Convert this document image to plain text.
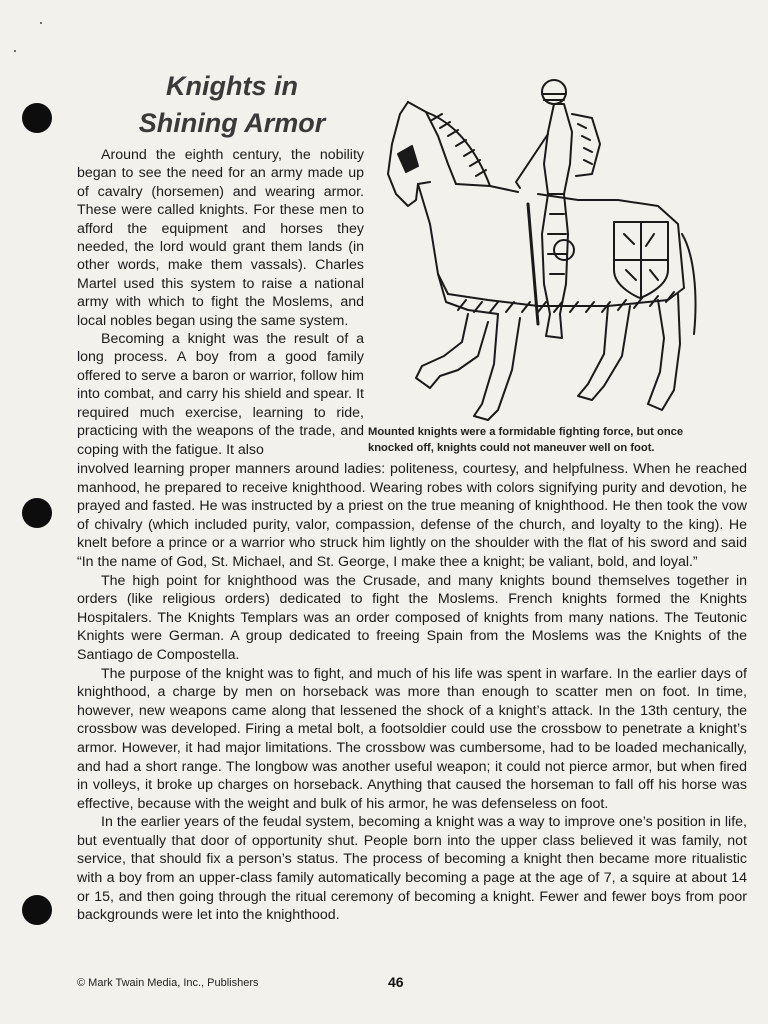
Knights in
Shining Armor

Around the eighth century, the nobility began to see the need for an army made up of cavalry (horsemen) and wearing armor. These were called knights. For these men to afford the equipment and horses they needed, the lord would grant them lands (in other words, make them vassals). Charles Martel used this system to raise a national army with which to fight the Moslems, and local nobles began using the same system.

Becoming a knight was the result of a long process. A boy from a good family offered to serve a baron or warrior, follow him into combat, and carry his shield and spear. It required much exercise, learning to ride, practicing with the weapons of the trade, and coping with the fatigue. It also

Mounted knights were a formidable fighting force, but once knocked off, knights could not maneuver well on foot.

involved learning proper manners around ladies: politeness, courtesy, and helpfulness. When he reached manhood, he prepared to receive knighthood. Wearing robes with colors signifying purity and devotion, he prayed and fasted. He was instructed by a priest on the true meaning of knighthood. He then took the vow of chivalry (which included purity, valor, compassion, defense of the church, and loyalty to the king). He knelt before a prince or a warrior who struck him lightly on the shoulder with the flat of his sword and said “In the name of God, St. Michael, and St. George, I make thee a knight; be valiant, bold, and loyal.”

The high point for knighthood was the Crusade, and many knights bound themselves together in orders (like religious orders) dedicated to fight the Moslems. French knights formed the Knights Hospitalers. The Knights Templars was an order composed of knights from many nations. The Teutonic Knights were German. A group dedicated to freeing Spain from the Moslems was the Knights of the Santiago de Compostella.

The purpose of the knight was to fight, and much of his life was spent in warfare. In the earlier days of knighthood, a charge by men on horseback was more than enough to scatter men on foot. In time, however, new weapons came along that lessened the shock of a knight’s attack. In the 13th century, the crossbow was developed. Firing a metal bolt, a footsoldier could use the crossbow to penetrate a knight’s armor. However, it had major limitations. The crossbow was cumbersome, had to be loaded mechanically, and had a short range. The longbow was another useful weapon; it could not pierce armor, but when fired in volleys, it broke up charges on horseback. Anything that caused the horseman to fall off his horse was effective, because with the weight and bulk of his armor, he was defenseless on foot.

In the earlier years of the feudal system, becoming a knight was a way to improve one’s position in life, but eventually that door of opportunity shut. People born into the upper class believed it was family, not service, that should fix a person’s status. The process of becoming a knight then became more ritualistic with a boy from an upper-class family automatically becoming a page at the age of 7, a squire at about 14 or 15, and then going through the ritual ceremony of becoming a knight. Fewer and fewer boys from poor backgrounds were let into the knighthood.

© Mark Twain Media, Inc., Publishers	46
